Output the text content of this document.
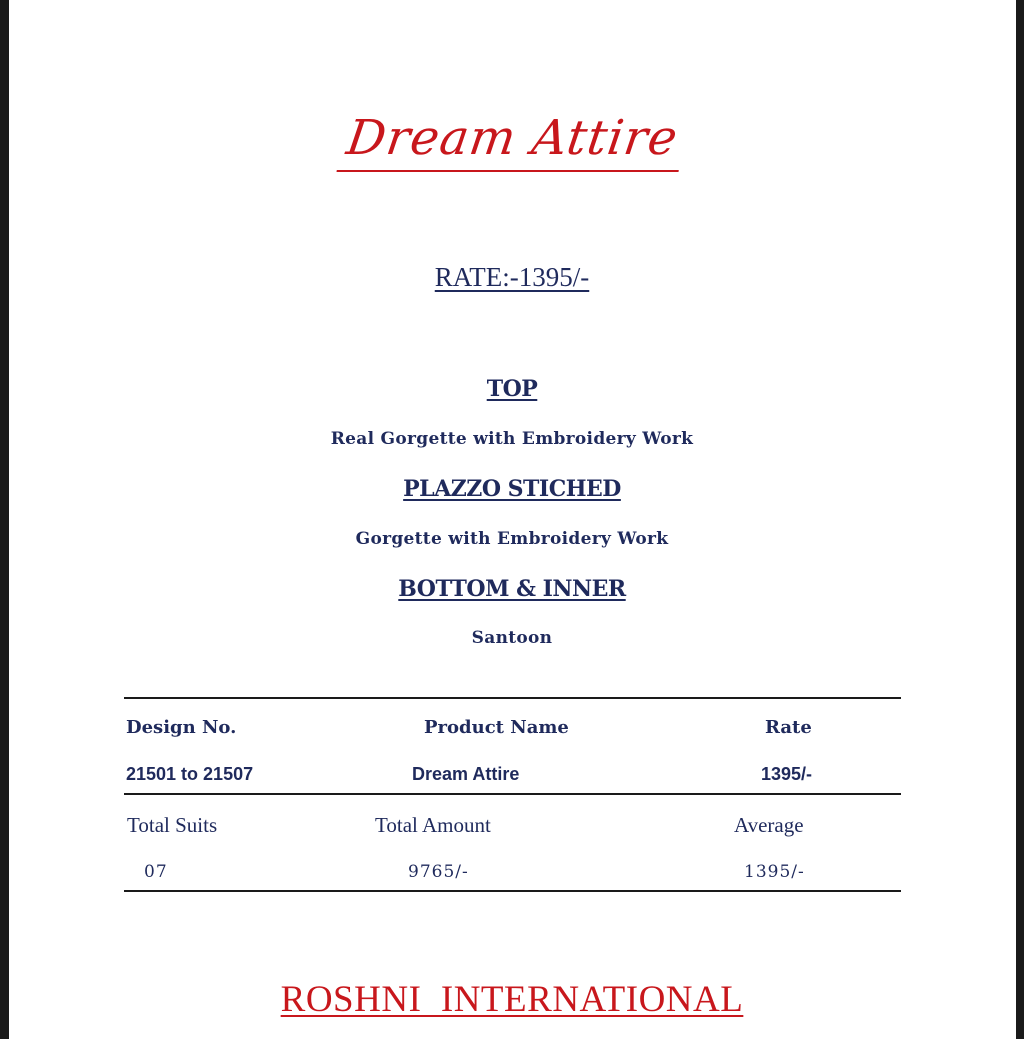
Dream Attire
RATE:-1395/-
TOP
Real Gorgette with Embroidery Work
PLAZZO STICHED
Gorgette with Embroidery Work
BOTTOM & INNER
Santoon
Design No.	Product Name	Rate
21501 to 21507	Dream Attire	1395/-
Total Suits	Total Amount	Average
07	9765/-	1395/-
ROSHNI  INTERNATIONAL
